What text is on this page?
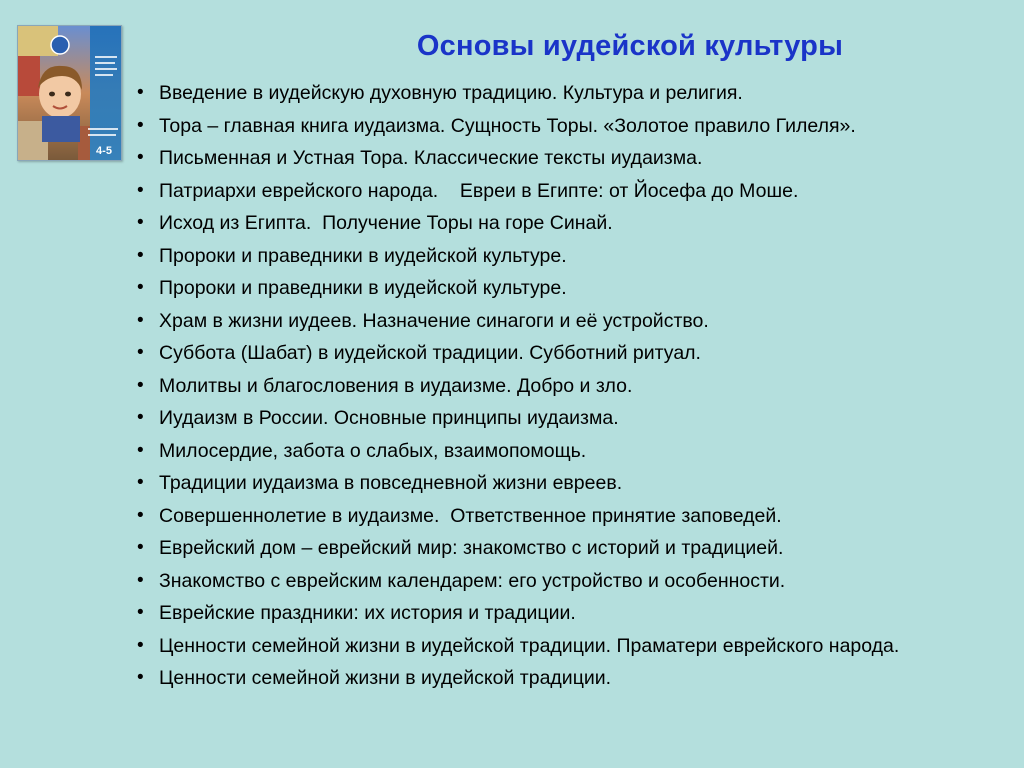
4-5
Основы иудейской культуры
• Введение в иудейскую духовную традицию. Культура и религия.
• Тора – главная книга иудаизма. Сущность Торы. «Золотое правило Гилеля».
• Письменная и Устная Тора. Классические тексты иудаизма.
• Патриархи еврейского народа.    Евреи в Египте: от Йосефа до Моше.
• Исход из Египта.  Получение Торы на горе Синай.
• Пророки и праведники в иудейской культуре.
• Пророки и праведники в иудейской культуре.
• Храм в жизни иудеев. Назначение синагоги и её устройство.
• Суббота (Шабат) в иудейской традиции. Субботний ритуал.
• Молитвы и благословения в иудаизме. Добро и зло.
• Иудаизм в России. Основные принципы иудаизма.
• Милосердие, забота о слабых, взаимопомощь.
• Традиции иудаизма в повседневной жизни евреев.
• Совершеннолетие в иудаизме.  Ответственное принятие заповедей.
• Еврейский дом – еврейский мир: знакомство с историй и традицией.
• Знакомство с еврейским календарем: его устройство и особенности.
• Еврейские праздники: их история и традиции.
• Ценности семейной жизни в иудейской традиции. Праматери еврейского народа.
• Ценности семейной жизни в иудейской традиции.
